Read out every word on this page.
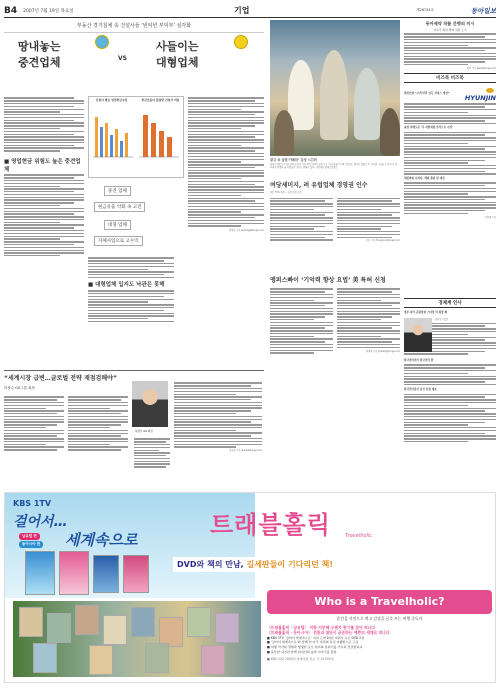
B4 2007년 7월 19일 목요일	기업	제26744호	동아일보
부동산 경기침체 속 건설사들 ‘빈익빈 부익부’ 심각화
땅내놓는
중견업체	VS
사들이는
대형업체
■ 영업현금 위험도 높은 중견업체
건설사 별로 영업현금수입	현금흐름이 불량한 건설사 비율
중견 업체
현금유출 악화 속 고전
대형 업체
자체사업으로 고수익
■ 대형업체 입지도 낙관은 못해
황재성 기자 jsonhng@donga.com
광고 속 금빛·카메라’ 강성 시끄러
현대오일뱅크가 청소년과 등산이 거쳐 17일 라이브공원 노는 이 사과들이 더욱 ‘뜻깊어’ 행사가 열렸고 이 거리엔 시장들 두 마리 등 본 하려지 전했다 좋 사람들이 모이는 반대의 돌다. 사진제공 현대오일뱅크
여당세미지, 려 유럽업체 경영권 인수
지분 70% 확보… 내년 완성 사업
신동 기자 dongwon@donga.com
앵퍼스빠이 ‘기억력 향상 요법’ 美 특허 신청
박재명 기자 jmpark@donga.com
동아제약 작품 간행의 미시
자사주 확대 변화 위원 도기
박인 기자 park@donga.com
비즈북 비즈북
현진건설 “고객 만족 업무 서비스 개선”
HYUNJIN
솔섬 미래도론 ‘국 사람처럼 휴식으로 수상’
대림바위 우리사, 해외 출판 낸 새것
김정범 기자
“세계시장 급변…글로벌 전략 재점검해야”
허창수 GS그룹 회장
허창수 GS 회장
송진우 기자 jinsuk@donga.com
경제계 인사
정부·자기 공원장관 스타정 릭 회장 취
장관선 기업인
한국전기전기 한국전기 한
한국전기통신 통신 선정 대표
KBS 1TV
걸어서…
세계속으로
남유럽 편
동아시아 편
트래블홀릭	Travelholic
DVD와 책의 만남, 길세판들이 기다리던 책!
Who is a Travelholic?
순간을 사진으로 찍고 감성을 글로 쓰는 여행 중독자
〈트래블홀릭 - 남유럽〉 미항·지중해·오렌지 향기를 찾아 떠나다
〈트래블홀릭 - 동아시아〉 전통과 첨단이 공존하는 예쁜의 세계로 떠나다
■ KBS 1TV ‘걸어서 세계속으로’ 여러 소개 20년 여러서 손은 DVD 2장
■ ‘걸어서 세계속으로’와 함께 한 아주 여러의 특집 여행편으로 구성
■ 여행 작가의 경험과 생생한 글로 현지의 분위기를 가득히 전달합니다
■ 풍부한 사진과 함께 현지인의 삶과 이야기를 담다
■ KBS 세대 2DVD+세계여행 정보 각 15,000원
